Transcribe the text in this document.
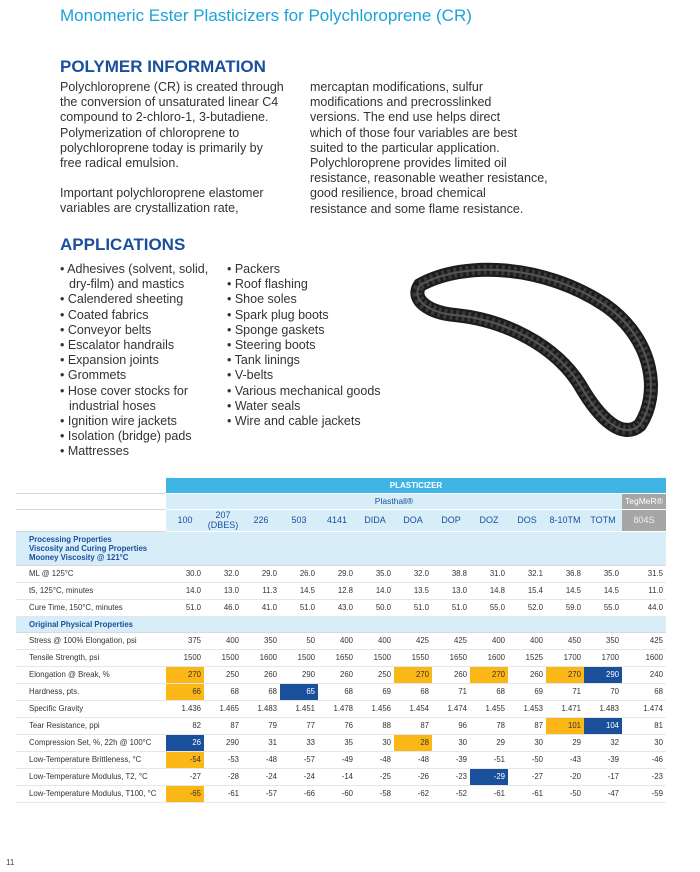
Monomeric Ester Plasticizers for Polychloroprene (CR)
POLYMER INFORMATION
Polychloroprene (CR) is created through
the conversion of unsaturated linear C4
compound to 2-chloro-1, 3-butadiene.
Polymerization of chloroprene to
polychloroprene today is primarily by
free radical emulsion.
Important polychloroprene elastomer
variables are crystallization rate,
mercaptan modifications, sulfur
modifications and precrosslinked
versions. The end use helps direct
which of those four variables are best
suited to the particular application.
Polychloroprene provides limited oil
resistance, reasonable weather resistance,
good resilience, broad chemical
resistance and some flame resistance.
APPLICATIONS
• Adhesives (solvent, solid, dry-film) and mastics
• Calendered sheeting
• Coated fabrics
• Conveyor belts
• Escalator handrails
• Expansion joints
• Grommets
• Hose cover stocks for industrial hoses
• Ignition wire jackets
• Isolation (bridge) pads
• Mattresses
• Packers
• Roof flashing
• Shoe soles
• Spark plug boots
• Sponge gaskets
• Steering boots
• Tank linings
• V-belts
• Various mechanical goods
• Water seals
• Wire and cable jackets
	PLASTICIZER												
	Plasthall®												TegMeR®
	100	207 (DBES)	226	503	4141	DIDA	DOA	DOP	DOZ	DOS	8-10TM	TOTM	804S

Processing Properties
Viscosity and Curing Properties
Mooney Viscosity @ 121°C													

ML @ 125°C	30.0	32.0	29.0	26.0	29.0	35.0	32.0	38.8	31.0	32.1	36.8	35.0	31.5
t5, 125°C, minutes	14.0	13.0	11.3	14.5	12.8	14.0	13.5	13.0	14.8	15.4	14.5	14.5	11.0
Cure Time, 150°C, minutes	51.0	46.0	41.0	51.0	43.0	50.0	51.0	51.0	55.0	52.0	59.0	55.0	44.0
Original Physical Properties													
Stress @ 100% Elongation, psi	375	400	350	50	400	400	425	425	400	400	450	350	425
Tensile Strength, psi	1500	1500	1600	1500	1650	1500	1550	1650	1600	1525	1700	1700	1600
Elongation @ Break, %	270	250	260	290	260	250	270	260	270	260	270	290	240
Hardness, pts.	66	68	68	65	68	69	68	71	68	69	71	70	68
Specific Gravity	1.436	1.465	1.483	1.451	1.478	1.456	1.454	1.474	1.455	1.453	1.471	1.483	1.474
Tear Resistance, ppi	82	87	79	77	76	88	87	96	78	87	101	104	81
Compression Set, %, 22h @ 100°C	26	290	31	33	35	30	28	30	29	30	29	32	30
Low-Temperature Brittleness, °C	-54	-53	-48	-57	-49	-48	-48	-39	-51	-50	-43	-39	-46
Low-Temperature Modulus, T2, °C	-27	-28	-24	-24	-14	-25	-26	-23	-29	-27	-20	-17	-23
Low-Temperature Modulus, T100, °C	-65	-61	-57	-66	-60	-58	-62	-52	-61	-61	-50	-47	-59
11
